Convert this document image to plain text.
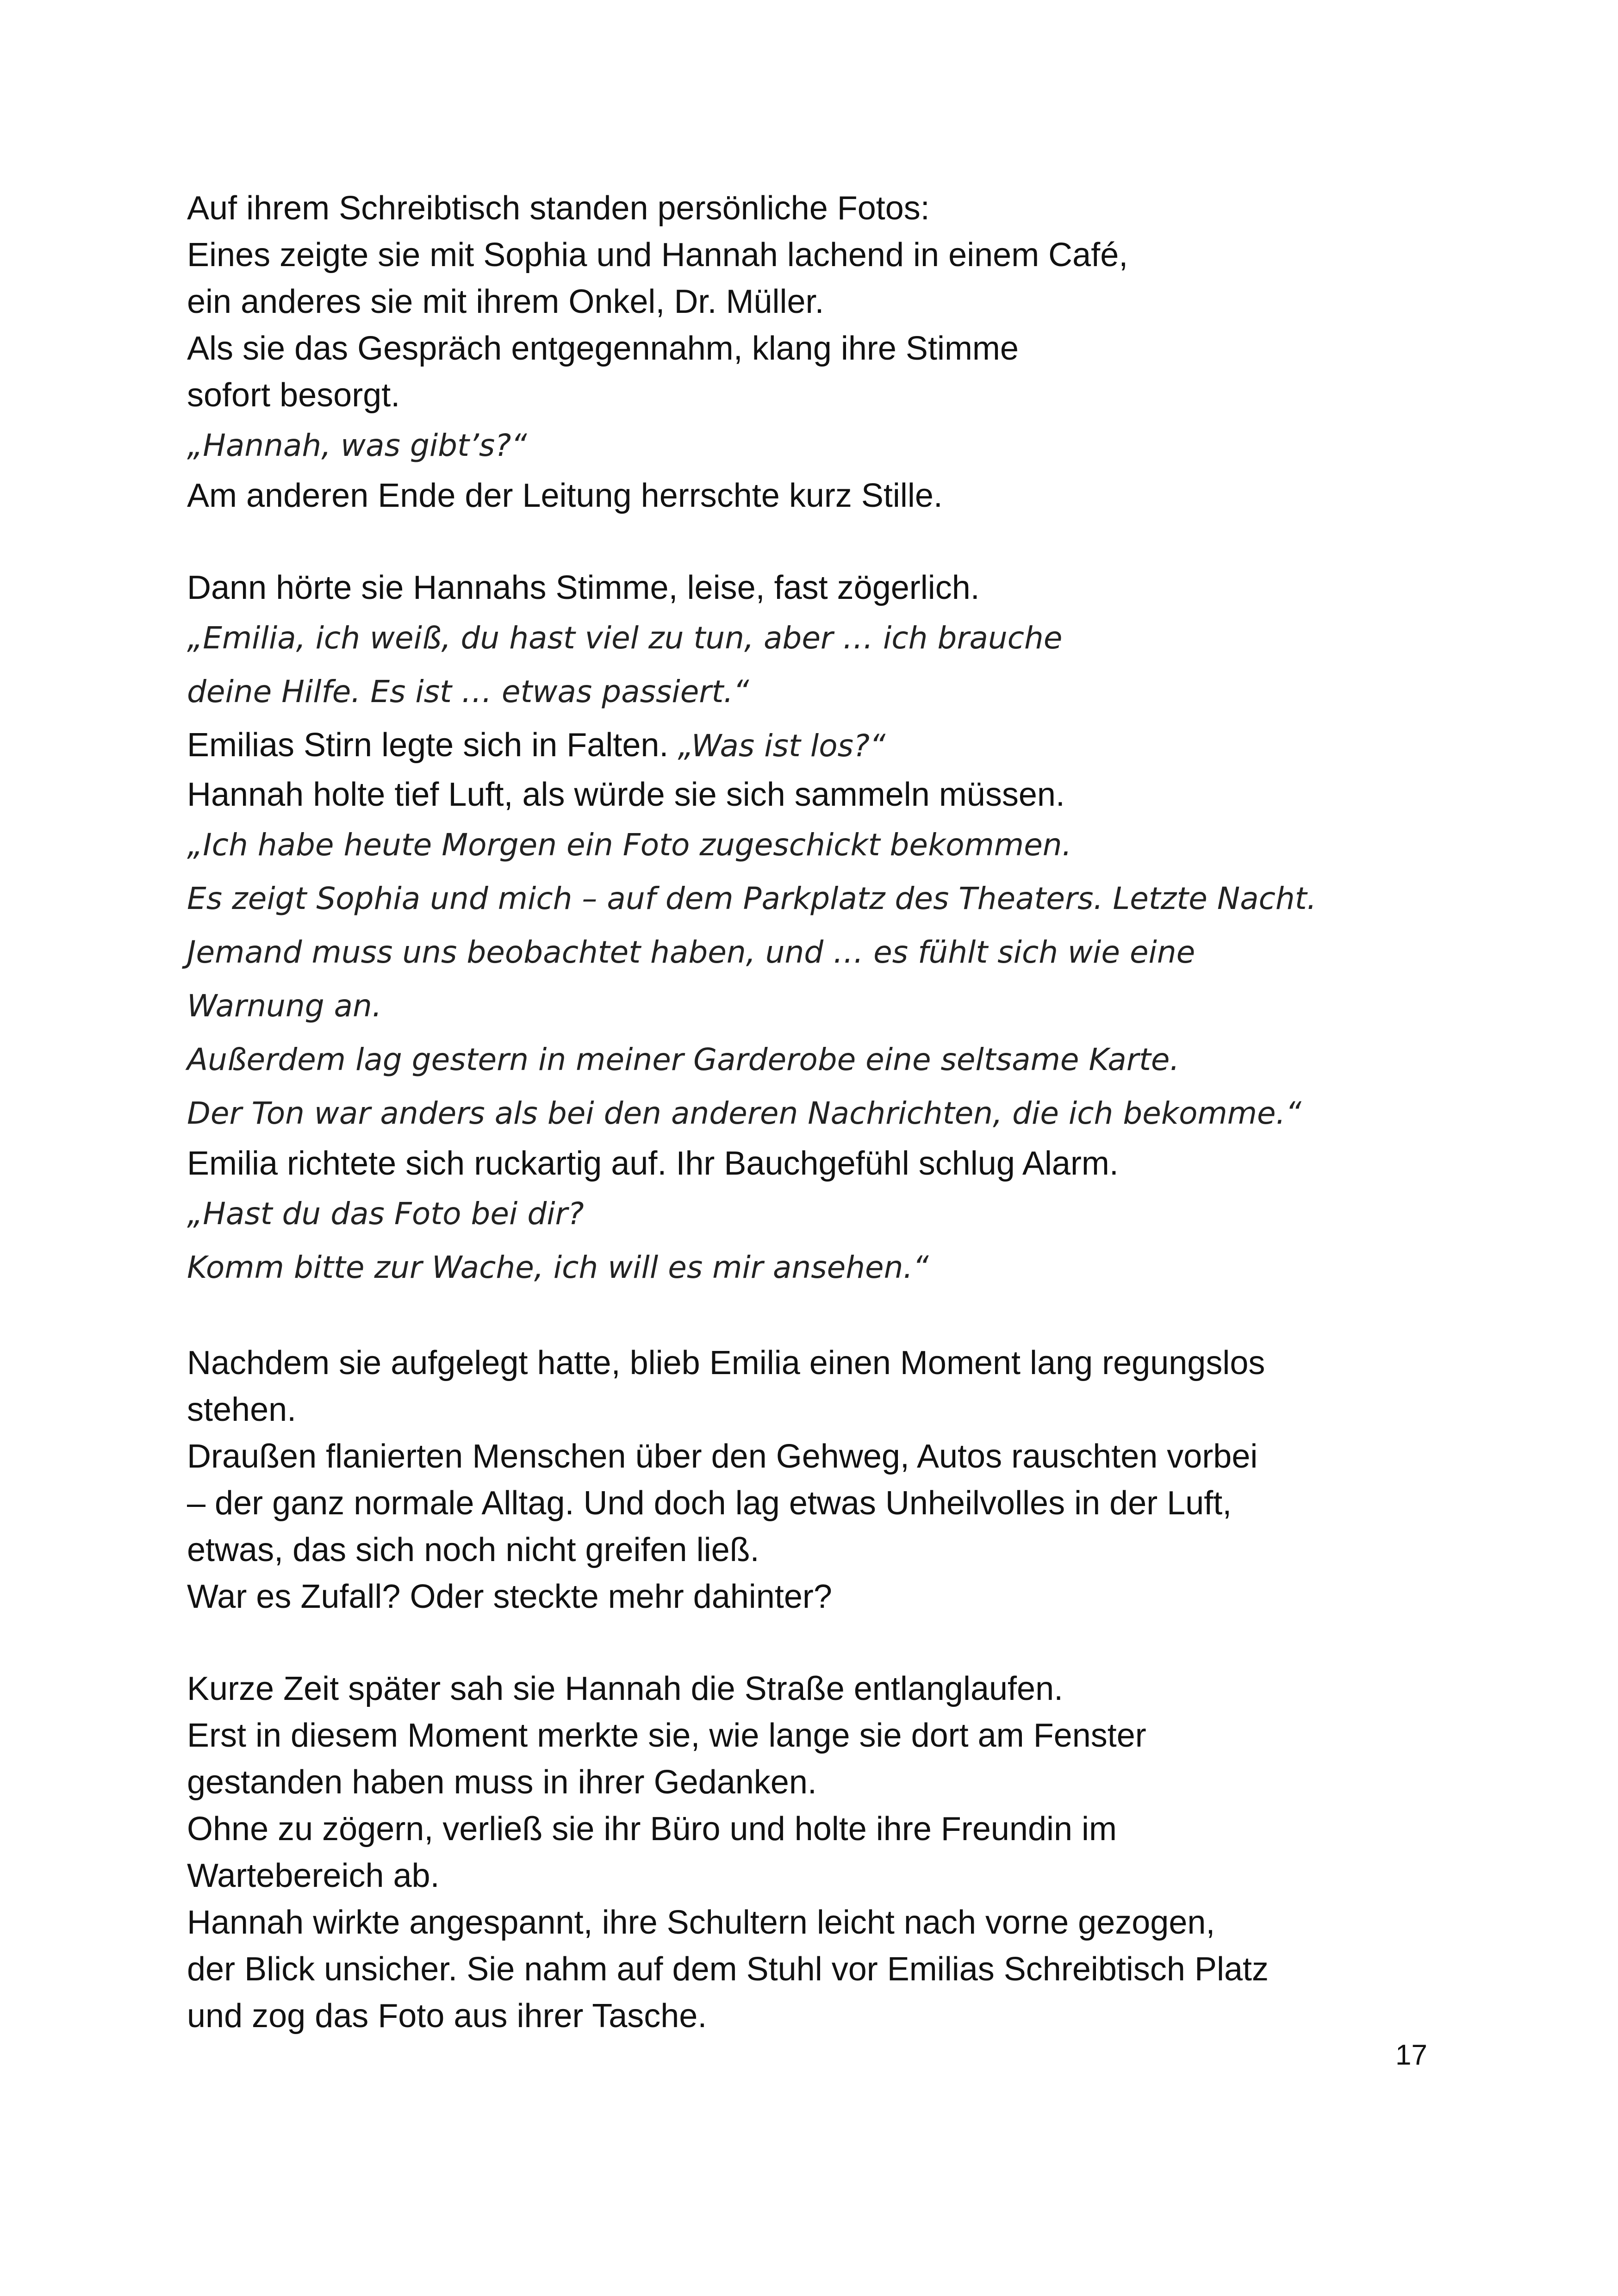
Auf ihrem Schreibtisch standen persönliche Fotos:
Eines zeigte sie mit Sophia und Hannah lachend in einem Café,
ein anderes sie mit ihrem Onkel, Dr. Müller.
Als sie das Gespräch entgegennahm, klang ihre Stimme
sofort besorgt.
„Hannah, was gibt’s?“
Am anderen Ende der Leitung herrschte kurz Stille.
Dann hörte sie Hannahs Stimme, leise, fast zögerlich.
„Emilia, ich weiß, du hast viel zu tun, aber … ich brauche
deine Hilfe. Es ist … etwas passiert.“
Emilias Stirn legte sich in Falten. „Was ist los?“
Hannah holte tief Luft, als würde sie sich sammeln müssen.
„Ich habe heute Morgen ein Foto zugeschickt bekommen.
Es zeigt Sophia und mich – auf dem Parkplatz des Theaters. Letzte Nacht.
Jemand muss uns beobachtet haben, und … es fühlt sich wie eine
Warnung an.
Außerdem lag gestern in meiner Garderobe eine seltsame Karte.
Der Ton war anders als bei den anderen Nachrichten, die ich bekomme.“
Emilia richtete sich ruckartig auf. Ihr Bauchgefühl schlug Alarm.
„Hast du das Foto bei dir?
Komm bitte zur Wache, ich will es mir ansehen.“
Nachdem sie aufgelegt hatte, blieb Emilia einen Moment lang regungslos
stehen.
Draußen flanierten Menschen über den Gehweg, Autos rauschten vorbei
– der ganz normale Alltag. Und doch lag etwas Unheilvolles in der Luft,
etwas, das sich noch nicht greifen ließ.
War es Zufall? Oder steckte mehr dahinter?
Kurze Zeit später sah sie Hannah die Straße entlanglaufen.
Erst in diesem Moment merkte sie, wie lange sie dort am Fenster
gestanden haben muss in ihrer Gedanken.
Ohne zu zögern, verließ sie ihr Büro und holte ihre Freundin im
Wartebereich ab.
Hannah wirkte angespannt, ihre Schultern leicht nach vorne gezogen,
der Blick unsicher. Sie nahm auf dem Stuhl vor Emilias Schreibtisch Platz
und zog das Foto aus ihrer Tasche.
17
